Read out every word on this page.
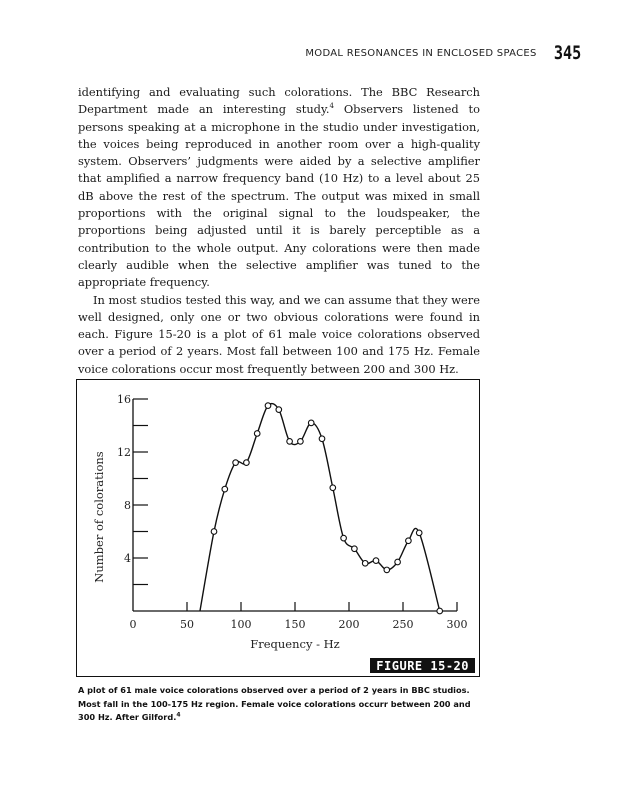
MODAL RESONANCES IN ENCLOSED SPACES 345

identifying and evaluating such colorations. The BBC Research Department made an interesting study.$^4$ Observers listened to persons speaking at a microphone in the studio under investigation, the voices being reproduced in another room over a high-quality system. Observers’ judgments were aided by a selective amplifier that amplified a narrow frequency band (10 Hz) to a level about 25 dB above the rest of the spectrum. The output was mixed in small proportions with the original signal to the loudspeaker, the proportions being adjusted until it is barely perceptible as a contribution to the whole output. Any colorations were then made clearly audible when the selective amplifier was tuned to the appropriate frequency.

In most studios tested this way, and we can assume that they were well designed, only one or two obvious colorations were found in each. Figure 15-20 is a plot of 61 male voice colorations observed over a period of 2 years. Most fall between 100 and 175 Hz. Female voice colorations occur most frequently between 200 and 300 Hz.

0	50	100	150	200	250	300
4
8
12
16
Frequency - Hz
Number of colorations
FIGURE 15-20
A plot of 61 male voice colorations observed over a period of 2 years in BBC studios. Most fall in the 100-175 Hz region. Female voice colorations occurr between 200 and 300 Hz. After Gilford.$^4$
